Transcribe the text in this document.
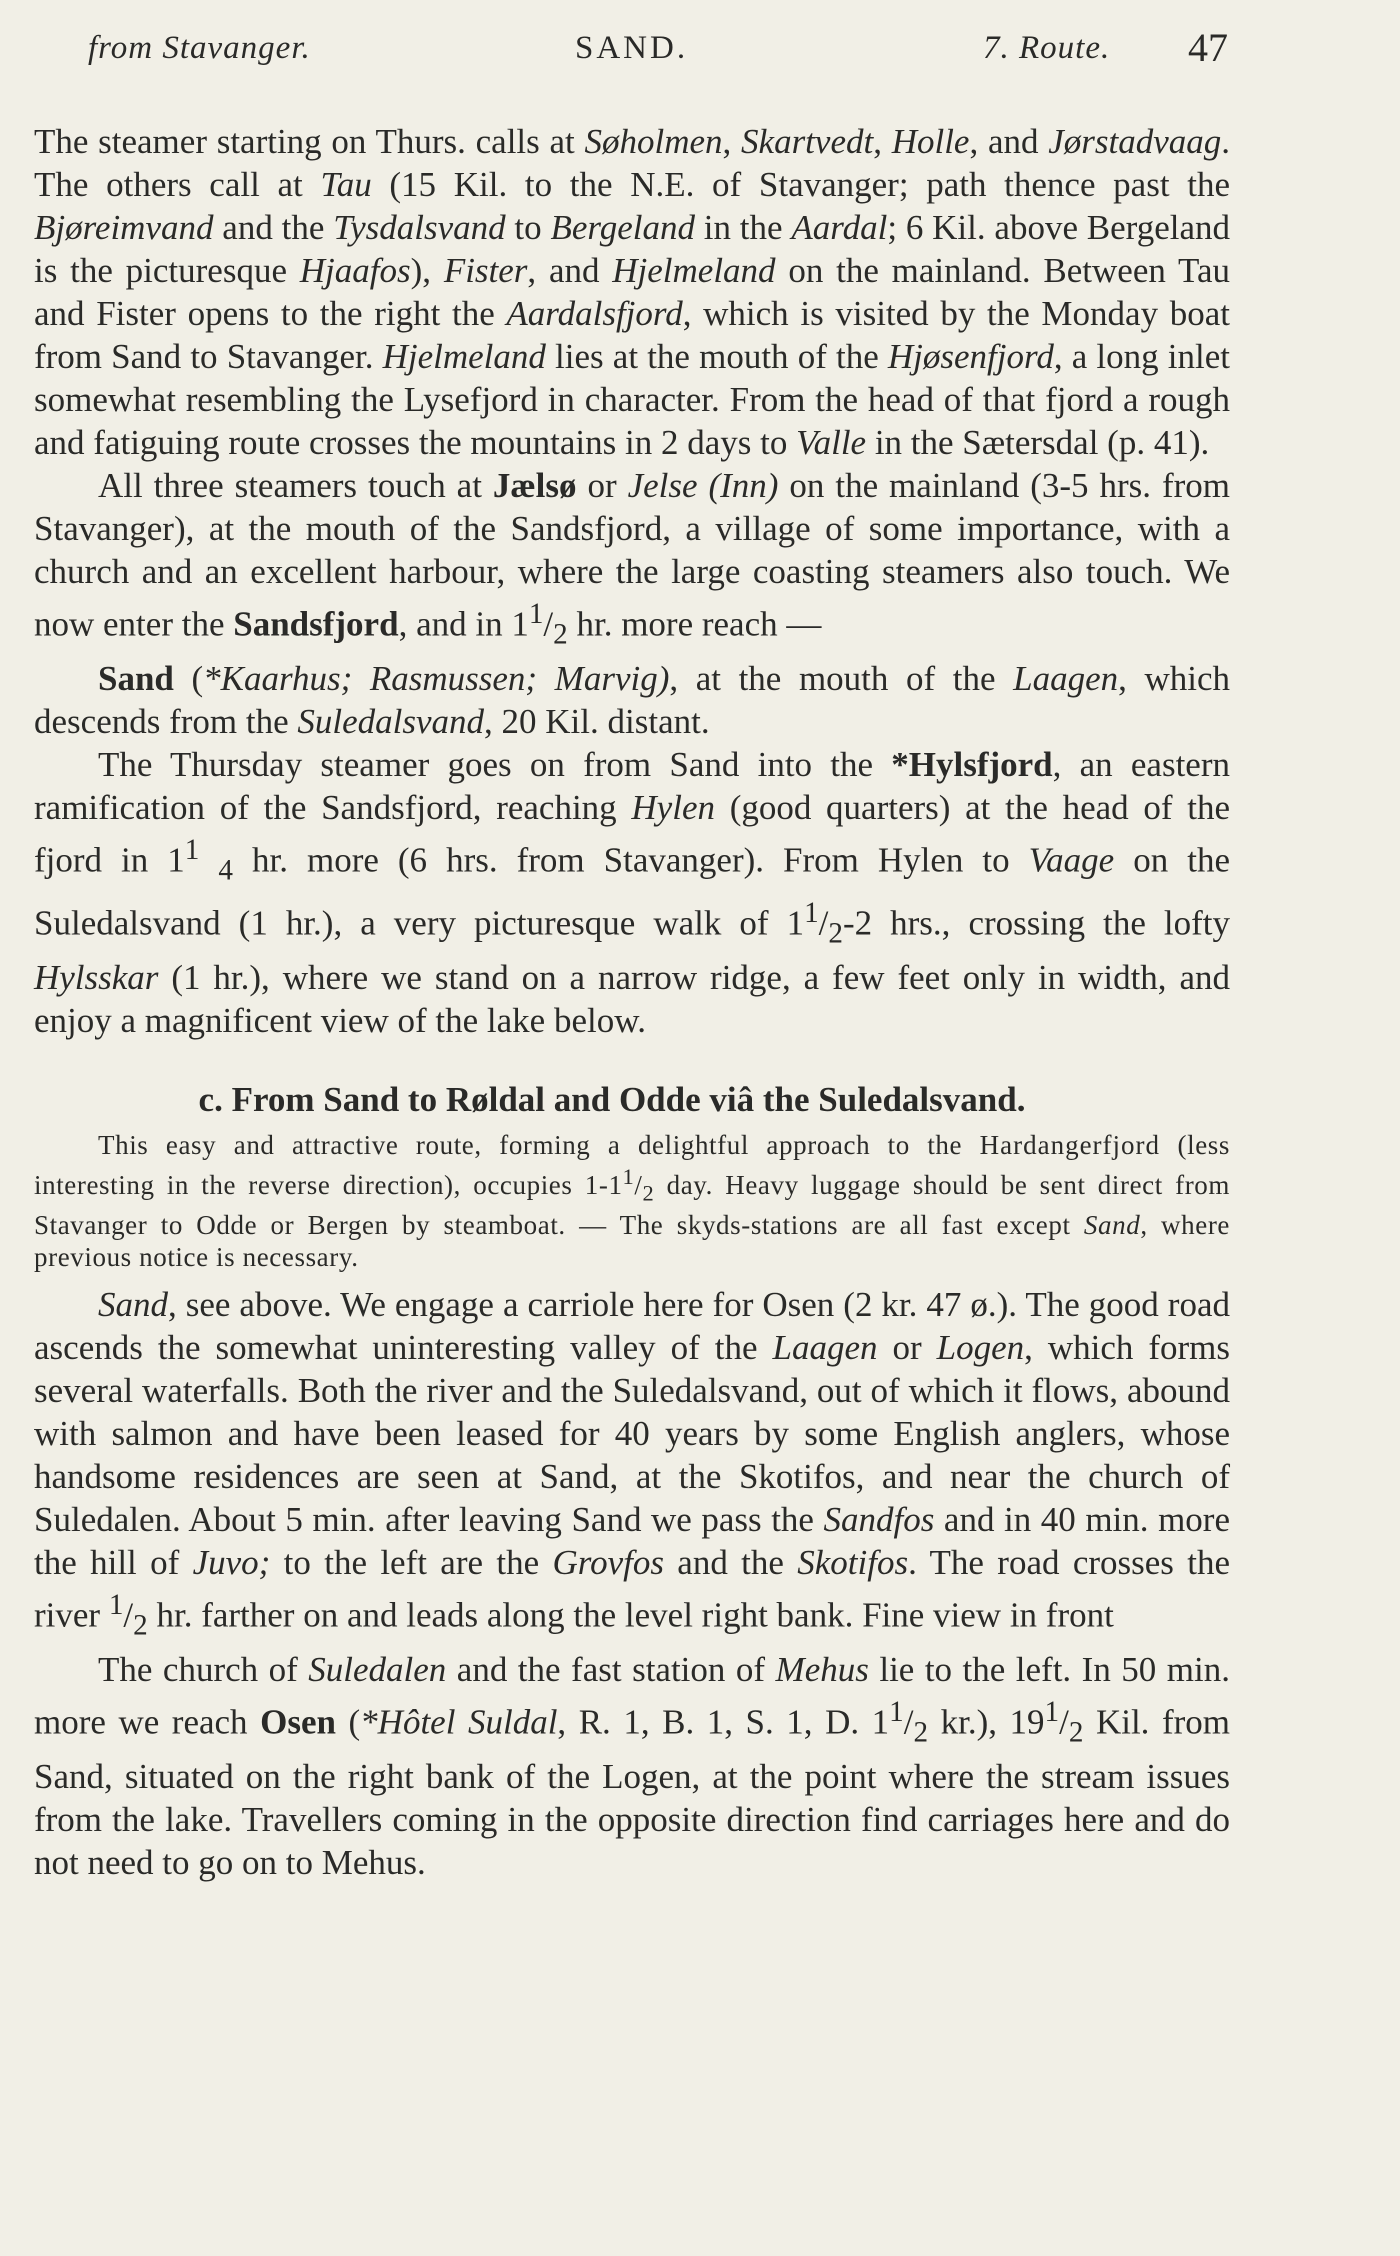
from Stavanger.	SAND.	7. Route. 47

The steamer starting on Thurs. calls at Søholmen, Skartvedt, Holle, and Jørstadvaag. The others call at Tau (15 Kil. to the N.E. of Stavanger; path thence past the Bjøreimvand and the Tysdalsvand to Bergeland in the Aardal; 6 Kil. above Bergeland is the picturesque Hjaafos), Fister, and Hjelmeland on the mainland. Between Tau and Fister opens to the right the Aardalsfjord, which is visited by the Monday boat from Sand to Stavanger. Hjelmeland lies at the mouth of the Hjøsenfjord, a long inlet somewhat resembling the Lysefjord in character. From the head of that fjord a rough and fatiguing route crosses the mountains in 2 days to Valle in the Sætersdal (p. 41).

All three steamers touch at Jælsø or Jelse (Inn) on the mainland (3-5 hrs. from Stavanger), at the mouth of the Sandsfjord, a village of some importance, with a church and an excellent harbour, where the large coasting steamers also touch. We now enter the Sandsfjord, and in $1^1/_2$ hr. more reach —

Sand (*Kaarhus; Rasmussen; Marvig), at the mouth of the Laagen, which descends from the Suledalsvand, 20 Kil. distant.

The Thursday steamer goes on from Sand into the *Hylsfjord, an eastern ramification of the Sandsfjord, reaching Hylen (good quarters) at the head of the fjord in $1^1$ $_4$ hr. more (6 hrs. from Stavanger). From Hylen to Vaage on the Suledalsvand (1 hr.), a very picturesque walk of $1^1/_2-2$ hrs., crossing the lofty Hylsskar (1 hr.), where we stand on a narrow ridge, a few feet only in width, and enjoy a magnificent view of the lake below.

c. From Sand to Røldal and Odde viâ the Suledalsvand.

This easy and attractive route, forming a delightful approach to the Hardangerfjord (less interesting in the reverse direction), occupies $1-1^1/_2$ day. Heavy luggage should be sent direct from Stavanger to Odde or Bergen by steamboat. — The skyds-stations are all fast except Sand, where previous notice is necessary.

Sand, see above. We engage a carriole here for Osen (2 kr. 47 ø.). The good road ascends the somewhat uninteresting valley of the Laagen or Logen, which forms several waterfalls. Both the river and the Suledalsvand, out of which it flows, abound with salmon and have been leased for 40 years by some English anglers, whose handsome residences are seen at Sand, at the Skotifos, and near the church of Suledalen. About 5 min. after leaving Sand we pass the Sandfos and in 40 min. more the hill of Juvo; to the left are the Grovfos and the Skotifos. The road crosses the river $^1/_2$ hr. farther on and leads along the level right bank. Fine view in front

The church of Suledalen and the fast station of Mehus lie to the left. In 50 min. more we reach Osen (*Hôtel Suldal, R. 1, B. 1, S. 1, D. $1^1/_2$ kr.), $19^1/_2$ Kil. from Sand, situated on the right bank of the Logen, at the point where the stream issues from the lake. Travellers coming in the opposite direction find carriages here and do not need to go on to Mehus.
